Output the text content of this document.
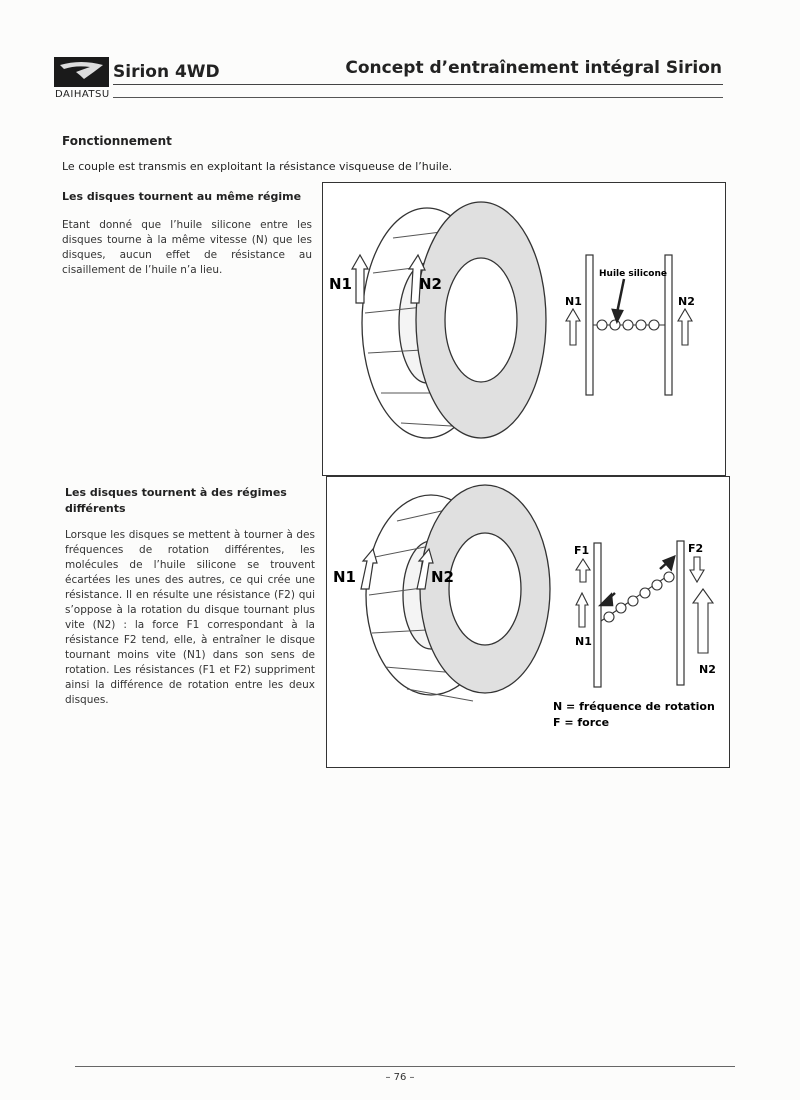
DAIHATSU
Sirion 4WD	Concept d’entraînement intégral Sirion
Fonctionnement
Le couple est transmis en exploitant la résistance visqueuse de l’huile.
Les disques tournent au même régime
Etant donné que l’huile silicone entre les disques tourne à la même vitesse (N) que les disques, aucun effet de résistance au cisaillement de l’huile n’a lieu.
Les disques tournent à des régimes différents
Lorsque les disques se mettent à tourner à des fréquences de rotation différentes, les molécules de l’huile silicone se trouvent écartées les unes des autres, ce qui crée une résistance. Il en résulte une résistance (F2) qui s’oppose à la rotation du disque tournant plus vite (N2) : la force F1 correspondant à la résistance F2 tend, elle, à entraîner le disque tournant moins vite (N1) dans son sens de rotation. Les résistances (F1 et F2) suppriment ainsi la différence de rotation entre les deux disques.
N1	N2
Huile silicone
N1	N2
N1	N2
F1	F2
N1
N2
N = fréquence de rotation
F = force
– 76 –
